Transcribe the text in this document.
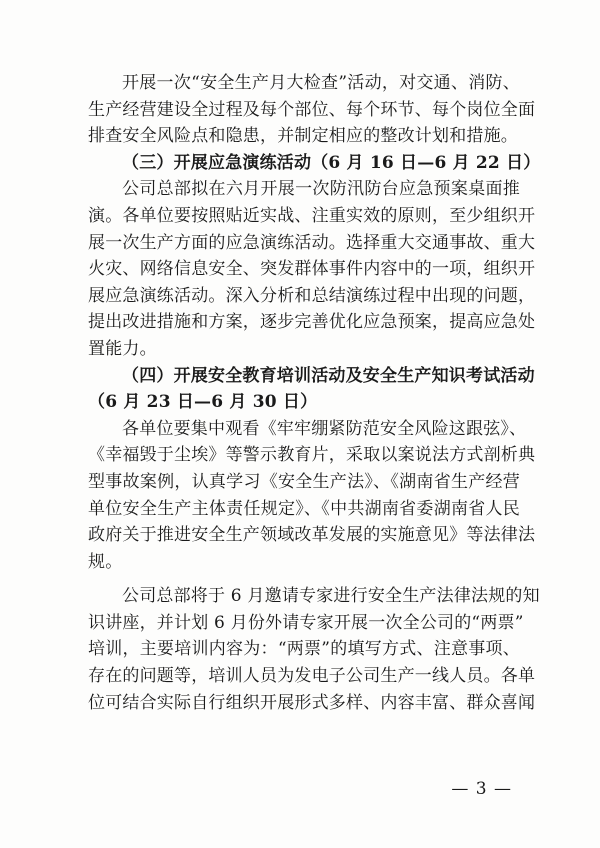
开展一次“安全生产月大检查”活动，对交通、消防、
生产经营建设全过程及每个部位、每个环节、每个岗位全面
排查安全风险点和隐患，并制定相应的整改计划和措施。
（三）开展应急演练活动（6 月 16 日—6 月 22 日）
公司总部拟在六月开展一次防汛防台应急预案桌面推
演。各单位要按照贴近实战、注重实效的原则，至少组织开
展一次生产方面的应急演练活动。选择重大交通事故、重大
火灾、网络信息安全、突发群体事件内容中的一项，组织开
展应急演练活动。深入分析和总结演练过程中出现的问题，
提出改进措施和方案，逐步完善优化应急预案，提高应急处
置能力。
（四）开展安全教育培训活动及安全生产知识考试活动
（6 月 23 日—6 月 30 日）
各单位要集中观看《牢牢绷紧防范安全风险这跟弦》、
《幸福毁于尘埃》等警示教育片，采取以案说法方式剖析典
型事故案例，认真学习《安全生产法》、《湖南省生产经营
单位安全生产主体责任规定》、《中共湖南省委湖南省人民
政府关于推进安全生产领域改革发展的实施意见》等法律法
规。
公司总部将于 6 月邀请专家进行安全生产法律法规的知
识讲座，并计划 6 月份外请专家开展一次全公司的“两票”
培训，主要培训内容为：“两票”的填写方式、注意事项、
存在的问题等，培训人员为发电子公司生产一线人员。各单
位可结合实际自行组织开展形式多样、内容丰富、群众喜闻
— 3 —
